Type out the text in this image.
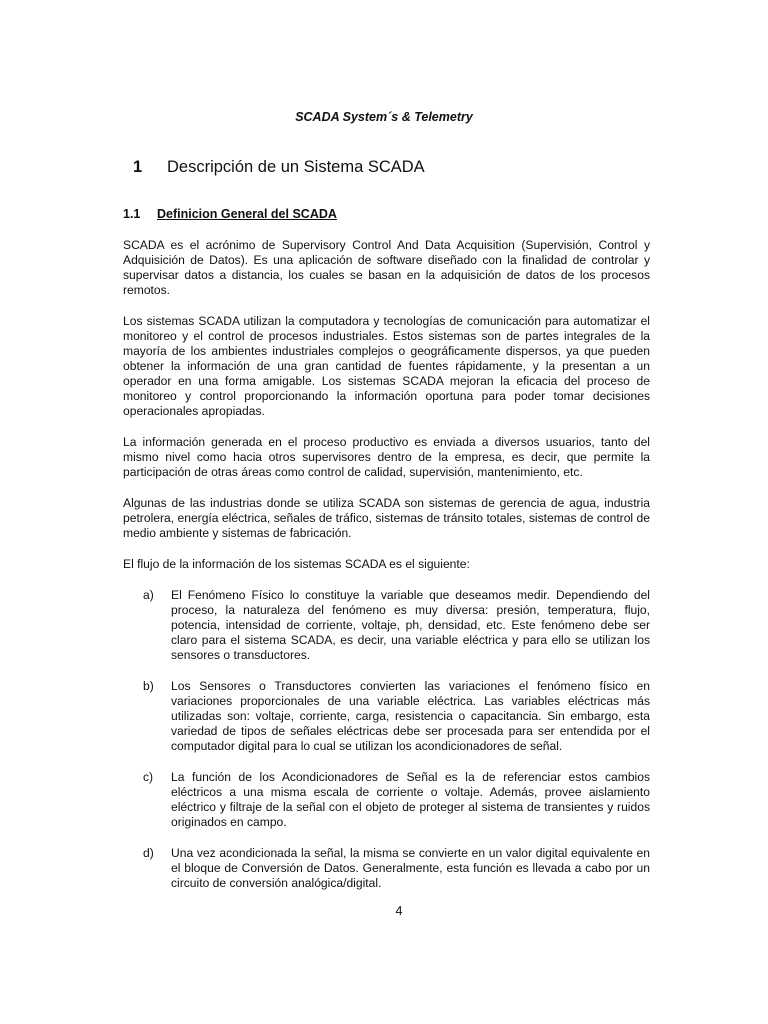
SCADA System´s & Telemetry
1 Descripción de un Sistema SCADA
1.1 Definicion General del SCADA

SCADA es el acrónimo de Supervisory Control And Data Acquisition (Supervisión, Control y Adquisición de Datos). Es una aplicación de software diseñado con la finalidad de controlar y supervisar datos a distancia, los cuales se basan en la adquisición de datos de los procesos remotos.

Los sistemas SCADA utilizan la computadora y tecnologías de comunicación para automatizar el monitoreo y el control de procesos industriales. Estos sistemas son de partes integrales de la mayoría de los ambientes industriales complejos o geográficamente dispersos, ya que pueden obtener la información de una gran cantidad de fuentes rápidamente, y la presentan a un operador en una forma amigable. Los sistemas SCADA mejoran la eficacia del proceso de monitoreo y control proporcionando la información oportuna para poder tomar decisiones operacionales apropiadas.

La información generada en el proceso productivo es enviada a diversos usuarios, tanto del mismo nivel como hacia otros supervisores dentro de la empresa, es decir, que permite la participación de otras áreas como control de calidad, supervisión, mantenimiento, etc.

Algunas de las industrias donde se utiliza SCADA son sistemas de gerencia de agua, industria petrolera, energía eléctrica, señales de tráfico, sistemas de tránsito totales, sistemas de control de medio ambiente y sistemas de fabricación.

El flujo de la información de los sistemas SCADA es el siguiente:

a)	El Fenómeno Físico lo constituye la variable que deseamos medir. Dependiendo del proceso, la naturaleza del fenómeno es muy diversa: presión, temperatura, flujo, potencia, intensidad de corriente, voltaje, ph, densidad, etc. Este fenómeno debe ser claro para el sistema SCADA, es decir, una variable eléctrica y para ello se utilizan los sensores o transductores.
b)	Los Sensores o Transductores convierten las variaciones el fenómeno físico en variaciones proporcionales de una variable eléctrica. Las variables eléctricas más utilizadas son: voltaje, corriente, carga, resistencia o capacitancia. Sin embargo, esta variedad de tipos de señales eléctricas debe ser procesada para ser entendida por el computador digital para lo cual se utilizan los acondicionadores de señal.
c)	La función de los Acondicionadores de Señal es la de referenciar estos cambios eléctricos a una misma escala de corriente o voltaje. Además, provee aislamiento eléctrico y filtraje de la señal con el objeto de proteger al sistema de transientes y ruidos originados en campo.
d)	Una vez acondicionada la señal, la misma se convierte en un valor digital equivalente en el bloque de Conversión de Datos. Generalmente, esta función es llevada a cabo por un circuito de conversión analógica/digital.
4
